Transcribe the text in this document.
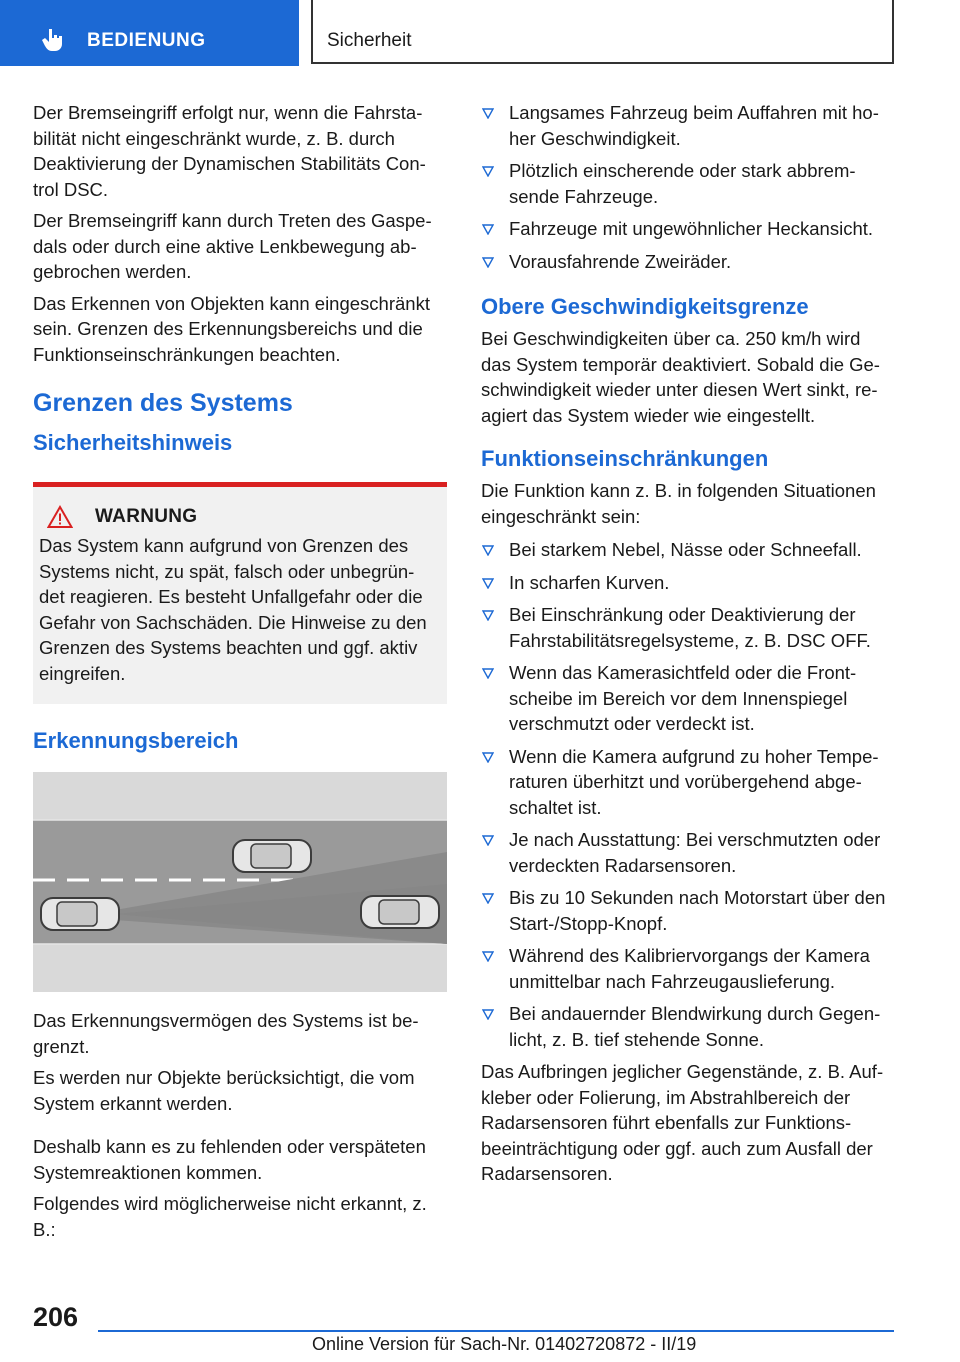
BEDIENUNG	Sicherheit

Der Bremseingriff erfolgt nur, wenn die Fahrsta- bilität nicht eingeschränkt wurde, z. B. durch Deaktivierung der Dynamischen Stabilitäts Con- trol DSC.

Der Bremseingriff kann durch Treten des Gaspe- dals oder durch eine aktive Lenkbewegung ab- gebrochen werden.

Das Erkennen von Objekten kann eingeschränkt sein. Grenzen des Erkennungsbereichs und die Funktionseinschränkungen beachten.

Grenzen des Systems
Sicherheitshinweis
WARNUNG

Das System kann aufgrund von Grenzen des Systems nicht, zu spät, falsch oder unbegrün- det reagieren. Es besteht Unfallgefahr oder die Gefahr von Sachschäden. Die Hinweise zu den Grenzen des Systems beachten und ggf. aktiv eingreifen.

Erkennungsbereich

Das Erkennungsvermögen des Systems ist be- grenzt.

Es werden nur Objekte berücksichtigt, die vom System erkannt werden.

Deshalb kann es zu fehlenden oder verspäteten Systemreaktionen kommen.

Folgendes wird möglicherweise nicht erkannt, z. B.:

Langsames Fahrzeug beim Auffahren mit ho- her Geschwindigkeit.
Plötzlich einscherende oder stark abbrem- sende Fahrzeuge.
Fahrzeuge mit ungewöhnlicher Heckansicht.
Vorausfahrende Zweiräder.
Obere Geschwindigkeitsgrenze

Bei Geschwindigkeiten über ca. 250 km/h wird das System temporär deaktiviert. Sobald die Ge- schwindigkeit wieder unter diesen Wert sinkt, re- agiert das System wieder wie eingestellt.

Funktionseinschränkungen

Die Funktion kann z. B. in folgenden Situationen eingeschränkt sein:

Bei starkem Nebel, Nässe oder Schneefall.
In scharfen Kurven.
Bei Einschränkung oder Deaktivierung der Fahrstabilitätsregelsysteme, z. B. DSC OFF.
Wenn das Kamerasichtfeld oder die Front- scheibe im Bereich vor dem Innenspiegel verschmutzt oder verdeckt ist.
Wenn die Kamera aufgrund zu hoher Tempe- raturen überhitzt und vorübergehend abge- schaltet ist.
Je nach Ausstattung: Bei verschmutzten oder verdeckten Radarsensoren.
Bis zu 10 Sekunden nach Motorstart über den Start-/Stopp-Knopf.
Während des Kalibriervorgangs der Kamera unmittelbar nach Fahrzeugauslieferung.
Bei andauernder Blendwirkung durch Gegen- licht, z. B. tief stehende Sonne.

Das Aufbringen jeglicher Gegenstände, z. B. Auf- kleber oder Folierung, im Abstrahlbereich der Radarsensoren führt ebenfalls zur Funktions- beeinträchtigung oder ggf. auch zum Ausfall der Radarsensoren.

206
Online Version für Sach-Nr. 01402720872 - II/19
